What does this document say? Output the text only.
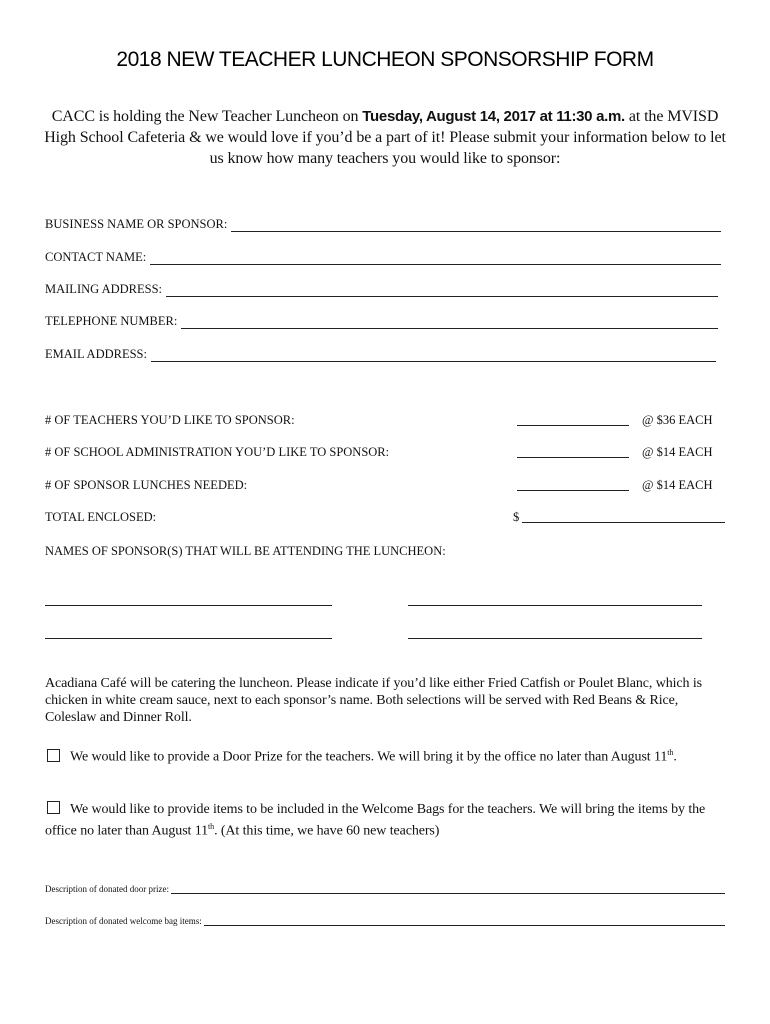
2018 NEW TEACHER LUNCHEON SPONSORSHIP FORM
CACC is holding the New Teacher Luncheon on Tuesday, August 14, 2017 at 11:30 a.m. at the MVISD High School Cafeteria & we would love if you’d be a part of it! Please submit your information below to let us know how many teachers you would like to sponsor:
BUSINESS NAME OR SPONSOR:
CONTACT NAME:
MAILING ADDRESS:
TELEPHONE NUMBER:
EMAIL ADDRESS:
# OF TEACHERS YOU’D LIKE TO SPONSOR:	@ $36 EACH
# OF SCHOOL ADMINISTRATION YOU’D LIKE TO SPONSOR:	@ $14 EACH
# OF SPONSOR LUNCHES NEEDED:	@ $14 EACH
TOTAL ENCLOSED:	$
NAMES OF SPONSOR(S) THAT WILL BE ATTENDING THE LUNCHEON:
Acadiana Café will be catering the luncheon. Please indicate if you’d like either Fried Catfish or Poulet Blanc, which is chicken in white cream sauce, next to each sponsor’s name. Both selections will be served with Red Beans & Rice, Coleslaw and Dinner Roll.
We would like to provide a Door Prize for the teachers. We will bring it by the office no later than August 11th.
We would like to provide items to be included in the Welcome Bags for the teachers. We will bring the items by the office no later than August 11th. (At this time, we have 60 new teachers)
Description of donated door prize:
Description of donated welcome bag items:
